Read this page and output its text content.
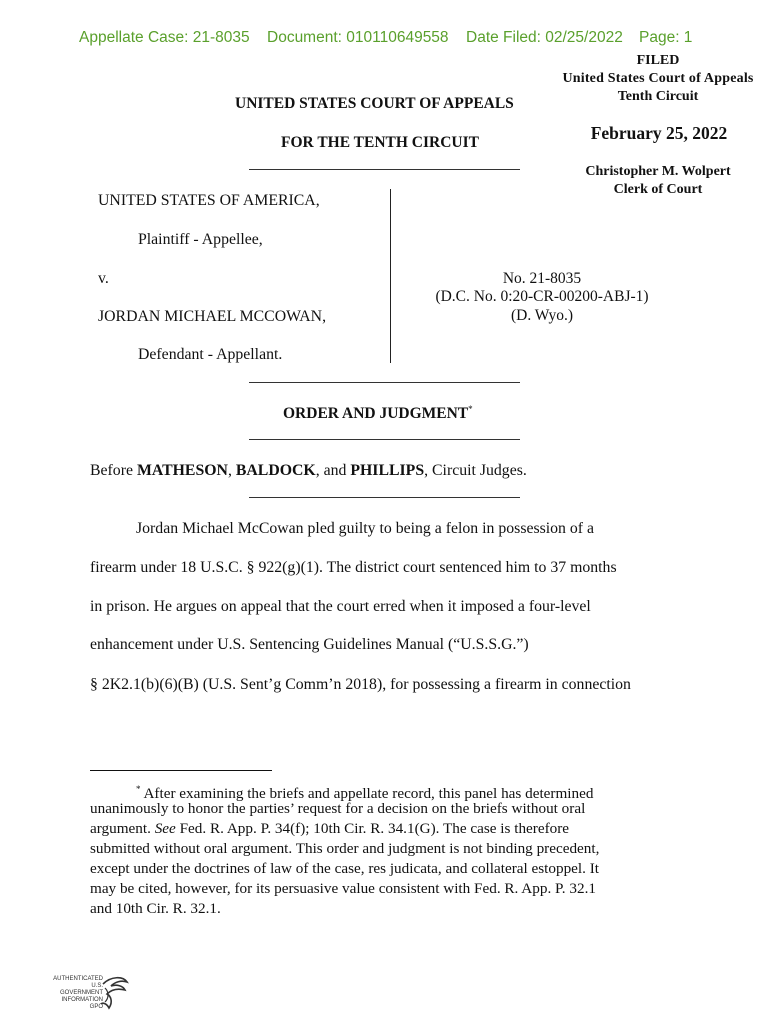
Appellate Case: 21-8035 Document: 010110649558 Date Filed: 02/25/2022 Page: 1
FILED
United States Court of Appeals
Tenth Circuit
February 25, 2022
Christopher M. Wolpert
Clerk of Court
UNITED STATES COURT OF APPEALS
FOR THE TENTH CIRCUIT
UNITED STATES OF AMERICA,
Plaintiff - Appellee,
v.
JORDAN MICHAEL MCCOWAN,
Defendant - Appellant.
No. 21-8035
(D.C. No. 0:20-CR-00200-ABJ-1)
(D. Wyo.)
ORDER AND JUDGMENT*
Before MATHESON, BALDOCK, and PHILLIPS, Circuit Judges.
Jordan Michael McCowan pled guilty to being a felon in possession of a
firearm under 18 U.S.C. § 922(g)(1). The district court sentenced him to 37 months
in prison. He argues on appeal that the court erred when it imposed a four-level
enhancement under U.S. Sentencing Guidelines Manual (“U.S.S.G.”)
§ 2K2.1(b)(6)(B) (U.S. Sent’g Comm’n 2018), for possessing a firearm in connection
* After examining the briefs and appellate record, this panel has determined
unanimously to honor the parties’ request for a decision on the briefs without oral
argument. See Fed. R. App. P. 34(f); 10th Cir. R. 34.1(G). The case is therefore
submitted without oral argument. This order and judgment is not binding precedent,
except under the doctrines of law of the case, res judicata, and collateral estoppel. It
may be cited, however, for its persuasive value consistent with Fed. R. App. P. 32.1
and 10th Cir. R. 32.1.
AUTHENTICATED
U.S. GOVERNMENT
INFORMATION
GPO
